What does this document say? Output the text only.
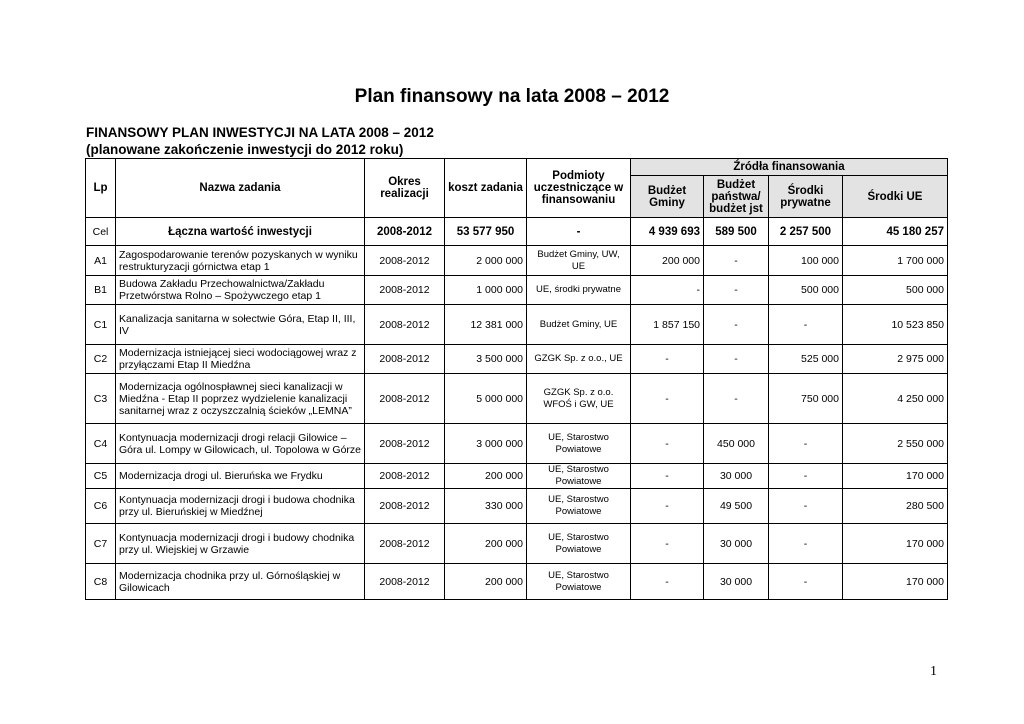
Plan finansowy na lata 2008 – 2012
FINANSOWY PLAN INWESTYCJI NA LATA 2008 – 2012
(planowane zakończenie inwestycji do 2012 roku)
Lp	Nazwa zadania	Okres realizacji	koszt zadania	Podmioty uczestniczące w finansowaniu	Źródła finansowania			
					Budżet Gminy	Budżet państwa/ budżet jst	Środki prywatne	Środki UE
Cel	Łączna wartość inwestycji	2008-2012	53 577 950	-	4 939 693	589 500	2 257 500	45 180 257
A1	Zagospodarowanie terenów pozyskanych w wyniku restrukturyzacji górnictwa etap 1	2008-2012	2 000 000	Budżet Gminy, UW, UE	200 000	-	100 000	1 700 000
B1	Budowa Zakładu Przechowalnictwa/Zakładu Przetwórstwa Rolno – Spożywczego etap 1	2008-2012	1 000 000	UE, środki prywatne	-	-	500 000	500 000
C1	Kanalizacja sanitarna w sołectwie Góra, Etap II, III, IV	2008-2012	12 381 000	Budżet Gminy, UE	1 857 150	-	-	10 523 850
C2	Modernizacja istniejącej sieci wodociągowej wraz z przyłączami Etap II Miedźna	2008-2012	3 500 000	GZGK Sp. z o.o., UE	-	-	525 000	2 975 000
C3	Modernizacja ogólnospławnej sieci kanalizacji w Miedźna - Etap II poprzez wydzielenie kanalizacji sanitarnej wraz z oczyszczalnią ścieków „LEMNA”	2008-2012	5 000 000	GZGK Sp. z o.o. WFOŚ i GW, UE	-	-	750 000	4 250 000
C4	Kontynuacja modernizacji drogi relacji Gilowice – Góra ul. Lompy w Gilowicach, ul. Topolowa w Górze	2008-2012	3 000 000	UE, Starostwo Powiatowe	-	450 000	-	2 550 000
C5	Modernizacja drogi ul. Bieruńska we Frydku	2008-2012	200 000	UE, Starostwo Powiatowe	-	30 000	-	170 000
C6	Kontynuacja modernizacji drogi i budowa chodnika przy ul. Bieruńskiej w Miedźnej	2008-2012	330 000	UE, Starostwo Powiatowe	-	49 500	-	280 500
C7	Kontynuacja modernizacji drogi i budowy chodnika przy ul. Wiejskiej w Grzawie	2008-2012	200 000	UE, Starostwo Powiatowe	-	30 000	-	170 000
C8	Modernizacja chodnika przy ul. Górnośląskiej w Gilowicach	2008-2012	200 000	UE, Starostwo Powiatowe	-	30 000	-	170 000
1
